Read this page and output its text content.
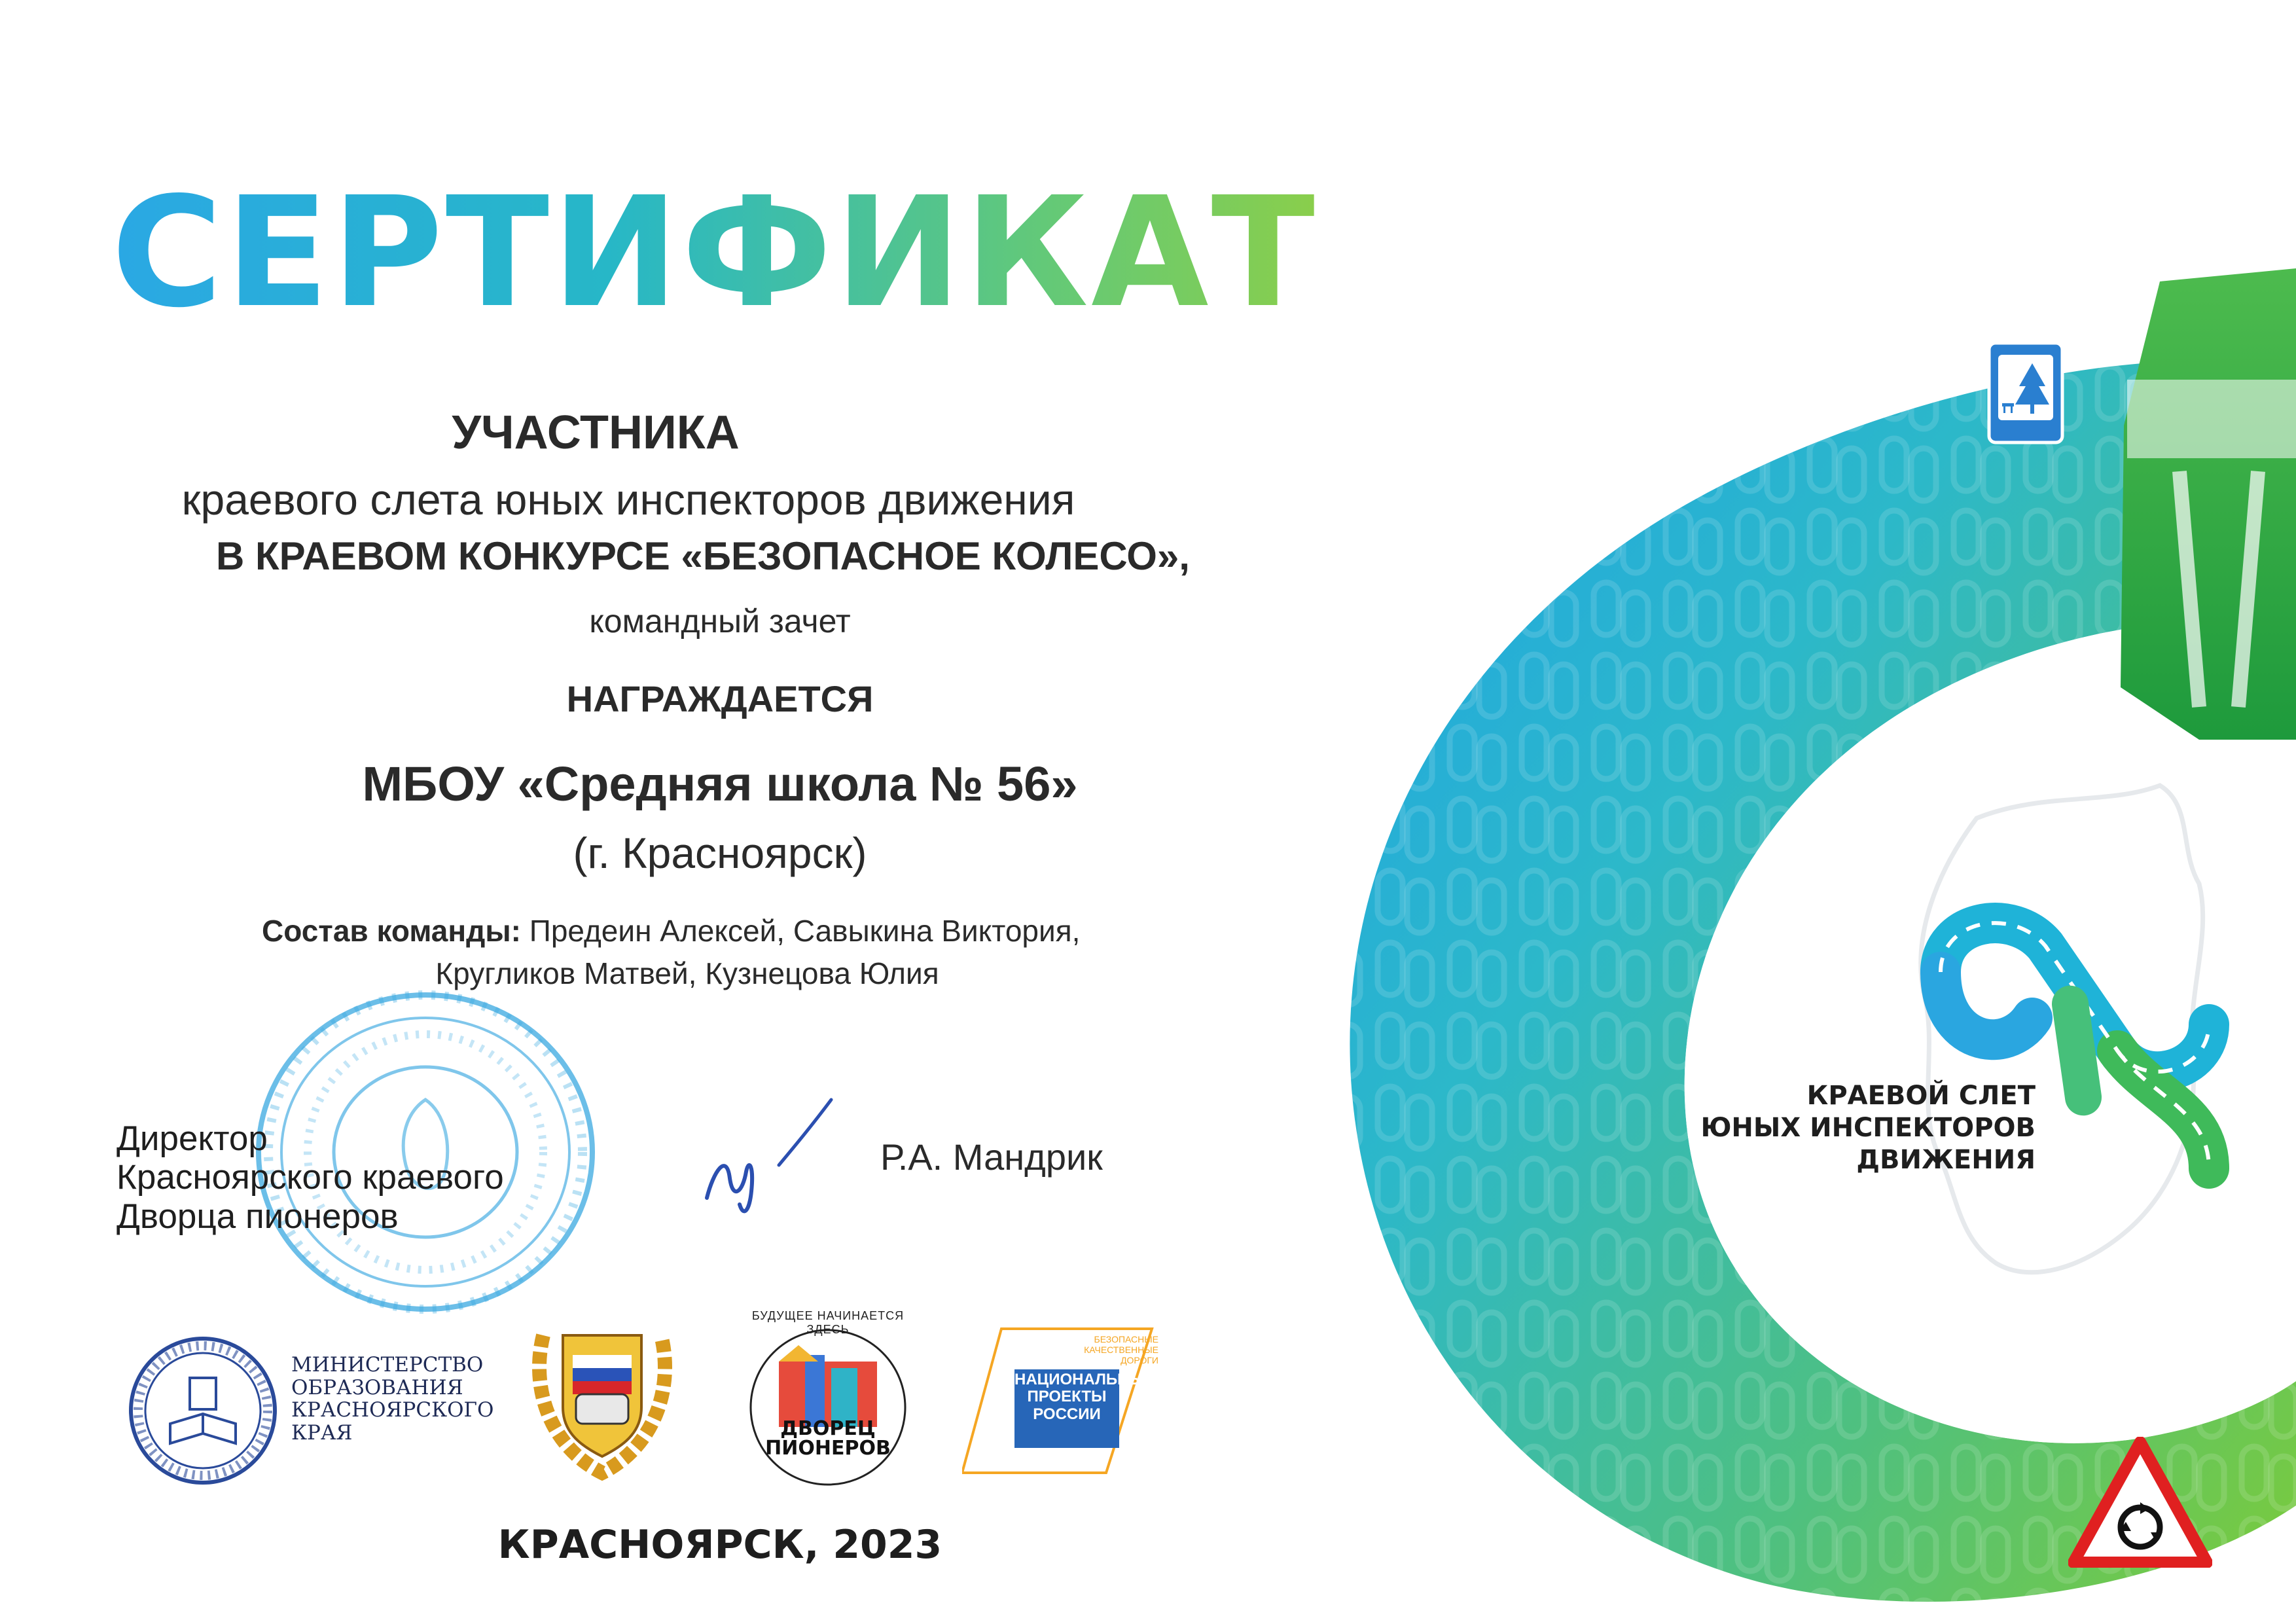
КРАЕВОЙ СЛЕТ
ЮНЫХ ИНСПЕКТОРОВ
ДВИЖЕНИЯ
СЕРТИФИКАТ
УЧАСТНИКА
краевого слета юных инспекторов движения
В КРАЕВОМ КОНКУРСЕ «БЕЗОПАСНОЕ КОЛЕСО»,
командный зачет
НАГРАЖДАЕТСЯ
МБОУ «Средняя школа № 56»
(г. Красноярск)
Состав команды: Предеин Алексей, Савыкина Виктория,
Кругликов Матвей, Кузнецова Юлия
Директор
Красноярского краевого
Дворца пионеров
Р.А. Мандрик
МИНИСТЕРСТВО
ОБРАЗОВАНИЯ
КРАСНОЯРСКОГО
КРАЯ	ДВОРЕЦ
ПИОНЕРОВ
БУДУЩЕЕ НАЧИНАЕТСЯ ЗДЕСЬ
БЕЗОПАСНЫЕ
КАЧЕСТВЕННЫЕ ДОРОГИ
НАЦИОНАЛЬНЫЕ
ПРОЕКТЫ
РОССИИ
КРАСНОЯРСК, 2023
